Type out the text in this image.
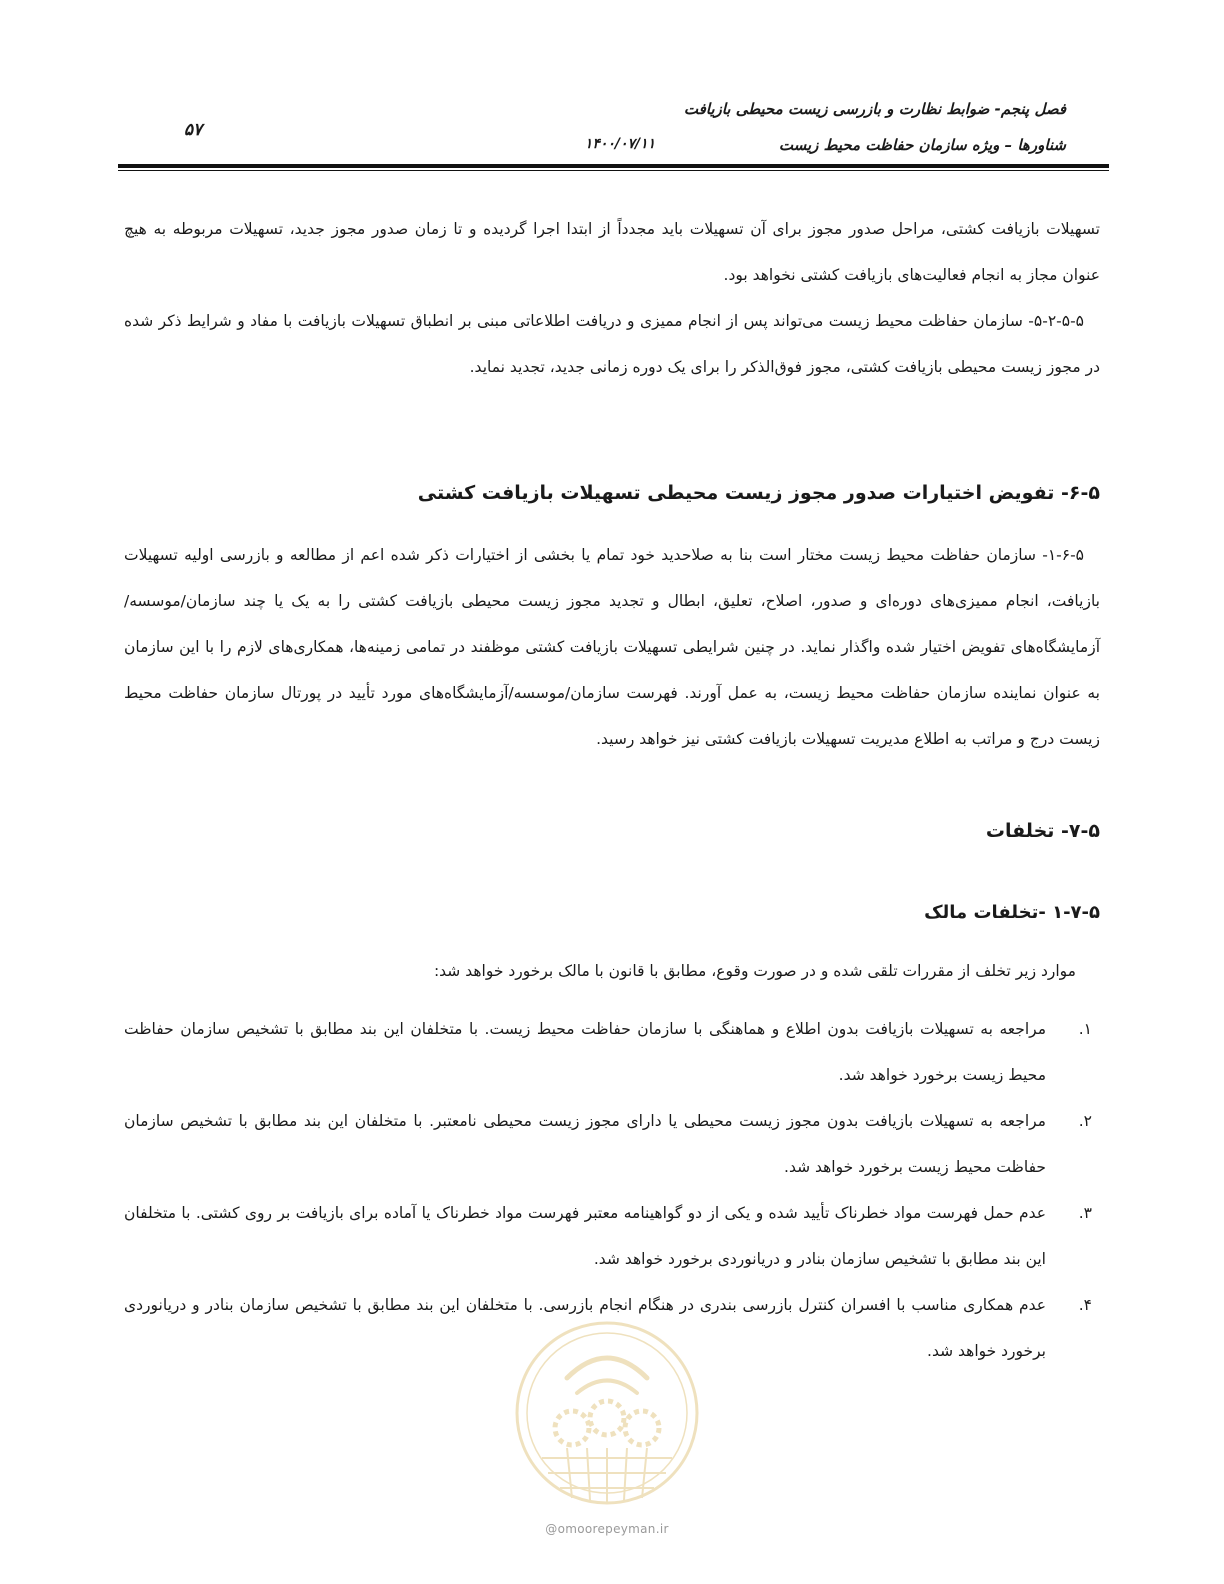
فصل پنجم- ضوابط نظارت و بازرسی زیست محیطی بازیافت
شناورها – ویژه سازمان حفاظت محیط زیست
۱۴۰۰/۰۷/۱۱
۵۷

تسهیلات بازیافت کشتی، مراحل صدور مجوز برای آن تسهیلات باید مجدداً از ابتدا اجرا گردیده و تا زمان صدور مجوز جدید، تسهیلات مربوطه به هیچ عنوان مجاز به انجام فعالیت‌های بازیافت کشتی نخواهد بود.

۵-۲-۵-۵- سازمان حفاظت محیط زیست می‌تواند پس از انجام ممیزی و دریافت اطلاعاتی مبنی بر انطباق تسهیلات بازیافت با مفاد و شرایط ذکر شده در مجوز زیست محیطی بازیافت کشتی، مجوز فوق‌الذکر را برای یک دوره زمانی جدید، تجدید نماید.

۶-۵- تفویض اختیارات صدور مجوز زیست محیطی تسهیلات بازیافت کشتی

۱-۶-۵- سازمان حفاظت محیط زیست مختار است بنا به صلاحدید خود تمام یا بخشی از اختیارات ذکر شده اعم از مطالعه و بازرسی اولیه تسهیلات بازیافت، انجام ممیزی‌های دوره‌ای و صدور، اصلاح، تعلیق، ابطال و تجدید مجوز زیست محیطی بازیافت کشتی را به یک یا چند سازمان/موسسه/آزمایشگاه‌های تفویض اختیار شده واگذار نماید. در چنین شرایطی تسهیلات بازیافت کشتی موظفند در تمامی زمینه‌ها، همکاری‌های لازم را با این سازمان به عنوان نماینده سازمان حفاظت محیط زیست، به عمل آورند. فهرست سازمان/موسسه/آزمایشگاه‌های مورد تأیید در پورتال سازمان حفاظت محیط زیست درج و مراتب به اطلاع مدیریت تسهیلات بازیافت کشتی نیز خواهد رسید.

۷-۵- تخلفات
۱-۷-۵ -تخلفات مالک

موارد زیر تخلف از مقررات تلقی شده و در صورت وقوع، مطابق با قانون با مالک برخورد خواهد شد:

۱.
مراجعه به تسهیلات بازیافت بدون اطلاع و هماهنگی با سازمان حفاظت محیط زیست. با متخلفان این بند مطابق با تشخیص سازمان حفاظت محیط زیست برخورد خواهد شد.
۲.
مراجعه به تسهیلات بازیافت بدون مجوز زیست محیطی یا دارای مجوز زیست محیطی نامعتبر. با متخلفان این بند مطابق با تشخیص سازمان حفاظت محیط زیست برخورد خواهد شد.
۳.
عدم حمل فهرست مواد خطرناک تأیید شده و یکی از دو گواهینامه معتبر فهرست مواد خطرناک یا آماده برای بازیافت بر روی کشتی. با متخلفان این بند مطابق با تشخیص سازمان بنادر و دریانوردی برخورد خواهد شد.
۴.
عدم همکاری مناسب با افسران کنترل بازرسی بندری در هنگام انجام بازرسی. با متخلفان این بند مطابق با تشخیص سازمان بنادر و دریانوردی برخورد خواهد شد.
@omoorepeyman.ir
